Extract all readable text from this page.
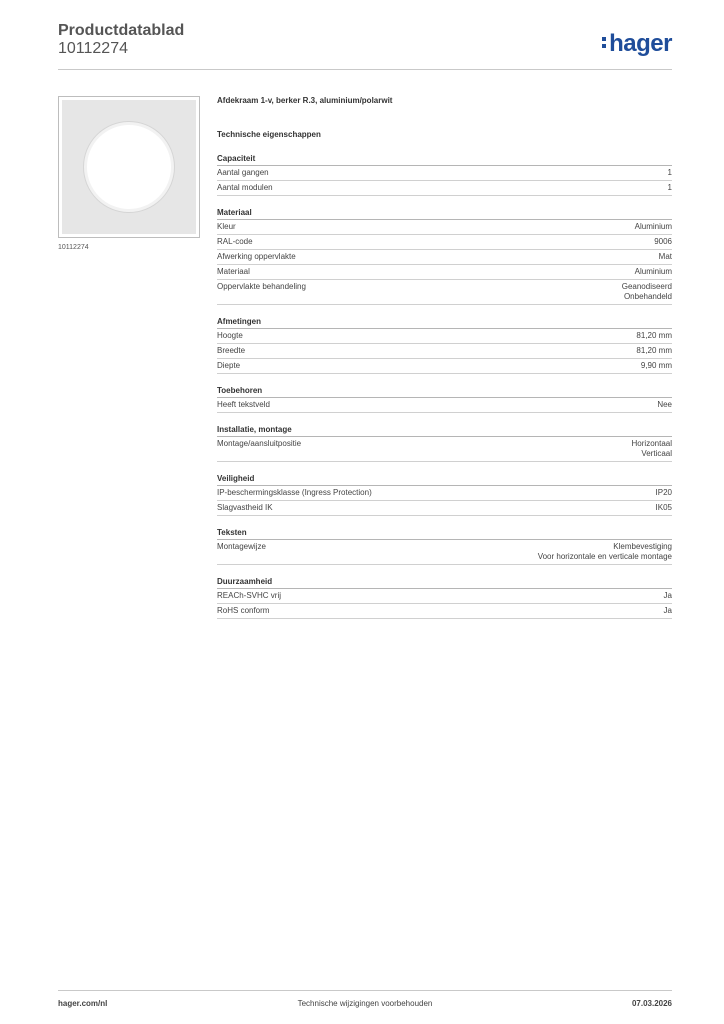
Productdatablad
10112274	hager
10112274
Afdekraam 1-v, berker R.3, aluminium/polarwit
Technische eigenschappen
Capaciteit
Aantal gangen	1
Aantal modulen	1
Materiaal
Kleur	Aluminium
RAL-code	9006
Afwerking oppervlakte	Mat
Materiaal	Aluminium
Oppervlakte behandeling	Geanodiseerd
Onbehandeld
Afmetingen
Hoogte	81,20 mm
Breedte	81,20 mm
Diepte	9,90 mm
Toebehoren
Heeft tekstveld	Nee
Installatie, montage
Montage/aansluitpositie	Horizontaal
Verticaal
Veiligheid
IP-beschermingsklasse (Ingress Protection)	IP20
Slagvastheid IK	IK05
Teksten
Montagewijze	Klembevestiging
Voor horizontale en verticale montage
Duurzaamheid
REACh-SVHC vrij	Ja
RoHS conform	Ja
hager.com/nl	Technische wijzigingen voorbehouden	07.03.2026
